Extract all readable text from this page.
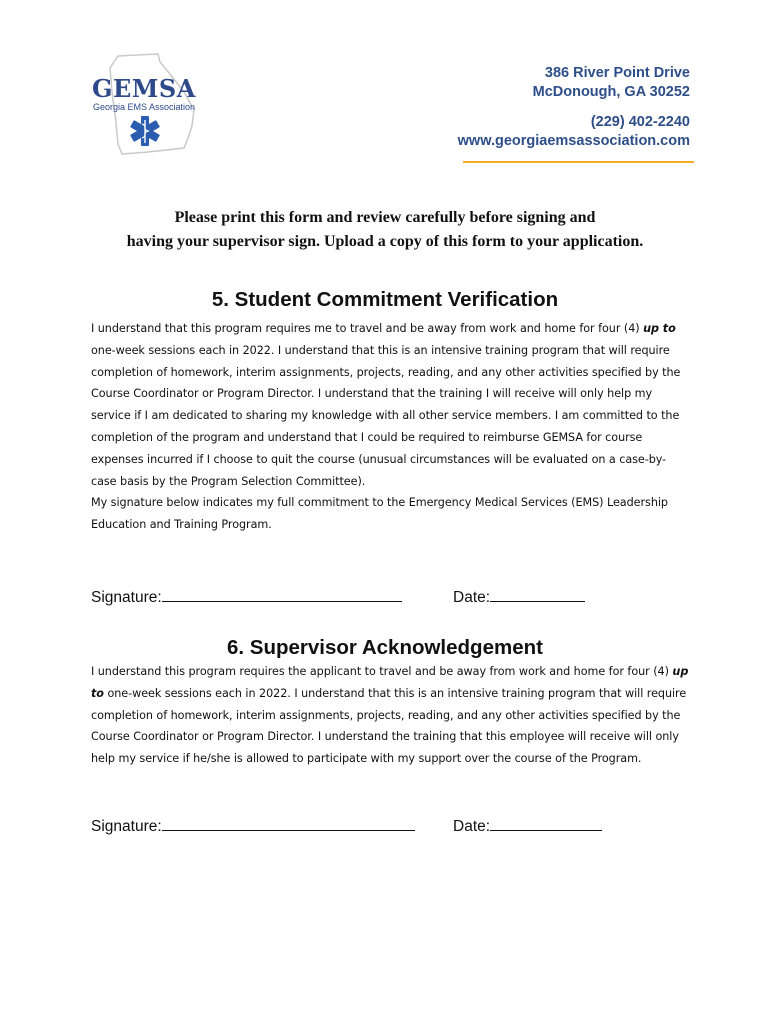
GEMSA
Georgia EMS Association
386 River Point Drive
McDonough, GA 30252
(229) 402-2240
www.georgiaemsassociation.com
Please print this form and review carefully before signing and
having your supervisor sign. Upload a copy of this form to your application.
5. Student Commitment Verification
I understand that this program requires me to travel and be away from work and home for four (4) up to one-week sessions each in 2022. I understand that this is an intensive training program that will require completion of homework, interim assignments, projects, reading, and any other activities specified by the Course Coordinator or Program Director. I understand that the training I will receive will only help my service if I am dedicated to sharing my knowledge with all other service members. I am committed to the completion of the program and understand that I could be required to reimburse GEMSA for course expenses incurred if I choose to quit the course (unusual circumstances will be evaluated on a case-by-case basis by the Program Selection Committee).
My signature below indicates my full commitment to the Emergency Medical Services (EMS) Leadership Education and Training Program.
Signature:	Date:
6. Supervisor Acknowledgement
I understand this program requires the applicant to travel and be away from work and home for four (4) up to one-week sessions each in 2022. I understand that this is an intensive training program that will require completion of homework, interim assignments, projects, reading, and any other activities specified by the Course Coordinator or Program Director. I understand the training that this employee will receive will only help my service if he/she is allowed to participate with my support over the course of the Program.
Signature:	Date:
